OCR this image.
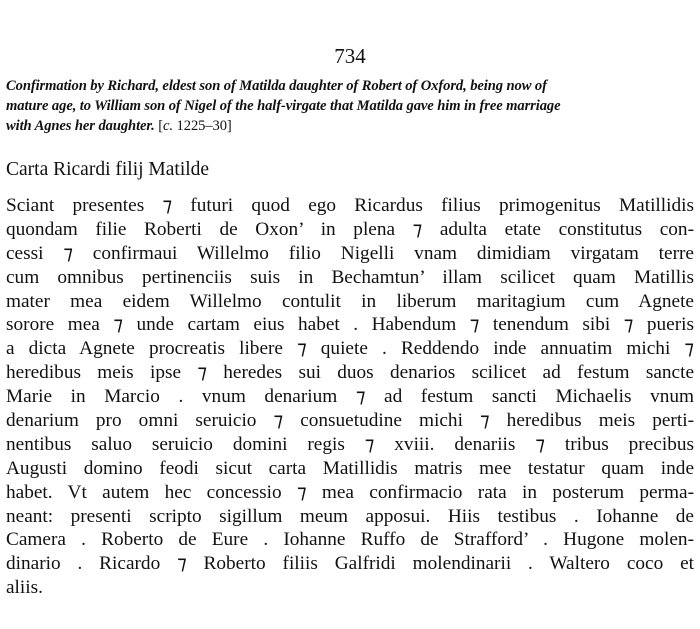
734
Confirmation by Richard, eldest son of Matilda daughter of Robert of Oxford, being now of
mature age, to William son of Nigel of the half-virgate that Matilda gave him in free marriage
with Agnes her daughter. [c. 1225–30]
Carta Ricardi filij Matilde
Sciant presentes ⁊ futuri quod ego Ricardus filius primogenitus Matillidis
quondam filie Roberti de Oxon’ in plena ⁊ adulta etate constitutus con-
cessi ⁊ confirmaui Willelmo filio Nigelli vnam dimidiam virgatam terre
cum omnibus pertinenciis suis in Bechamtun’ illam scilicet quam Matillis
mater mea eidem Willelmo contulit in liberum maritagium cum Agnete
sorore mea ⁊ unde cartam eius habet . Habendum ⁊ tenendum sibi ⁊ pueris
a dicta Agnete procreatis libere ⁊ quiete . Reddendo inde annuatim michi ⁊
heredibus meis ipse ⁊ heredes sui duos denarios scilicet ad festum sancte
Marie in Marcio . vnum denarium ⁊ ad festum sancti Michaelis vnum
denarium pro omni seruicio ⁊ consuetudine michi ⁊ heredibus meis perti-
nentibus saluo seruicio domini regis ⁊ xviii. denariis ⁊ tribus precibus
Augusti domino feodi sicut carta Matillidis matris mee testatur quam inde
habet. Vt autem hec concessio ⁊ mea confirmacio rata in posterum perma-
neant: presenti scripto sigillum meum apposui. Hiis testibus . Iohanne de
Camera . Roberto de Eure . Iohanne Ruffo de Strafford’ . Hugone molen-
dinario . Ricardo ⁊ Roberto filiis Galfridi molendinarii . Waltero coco et
aliis.
